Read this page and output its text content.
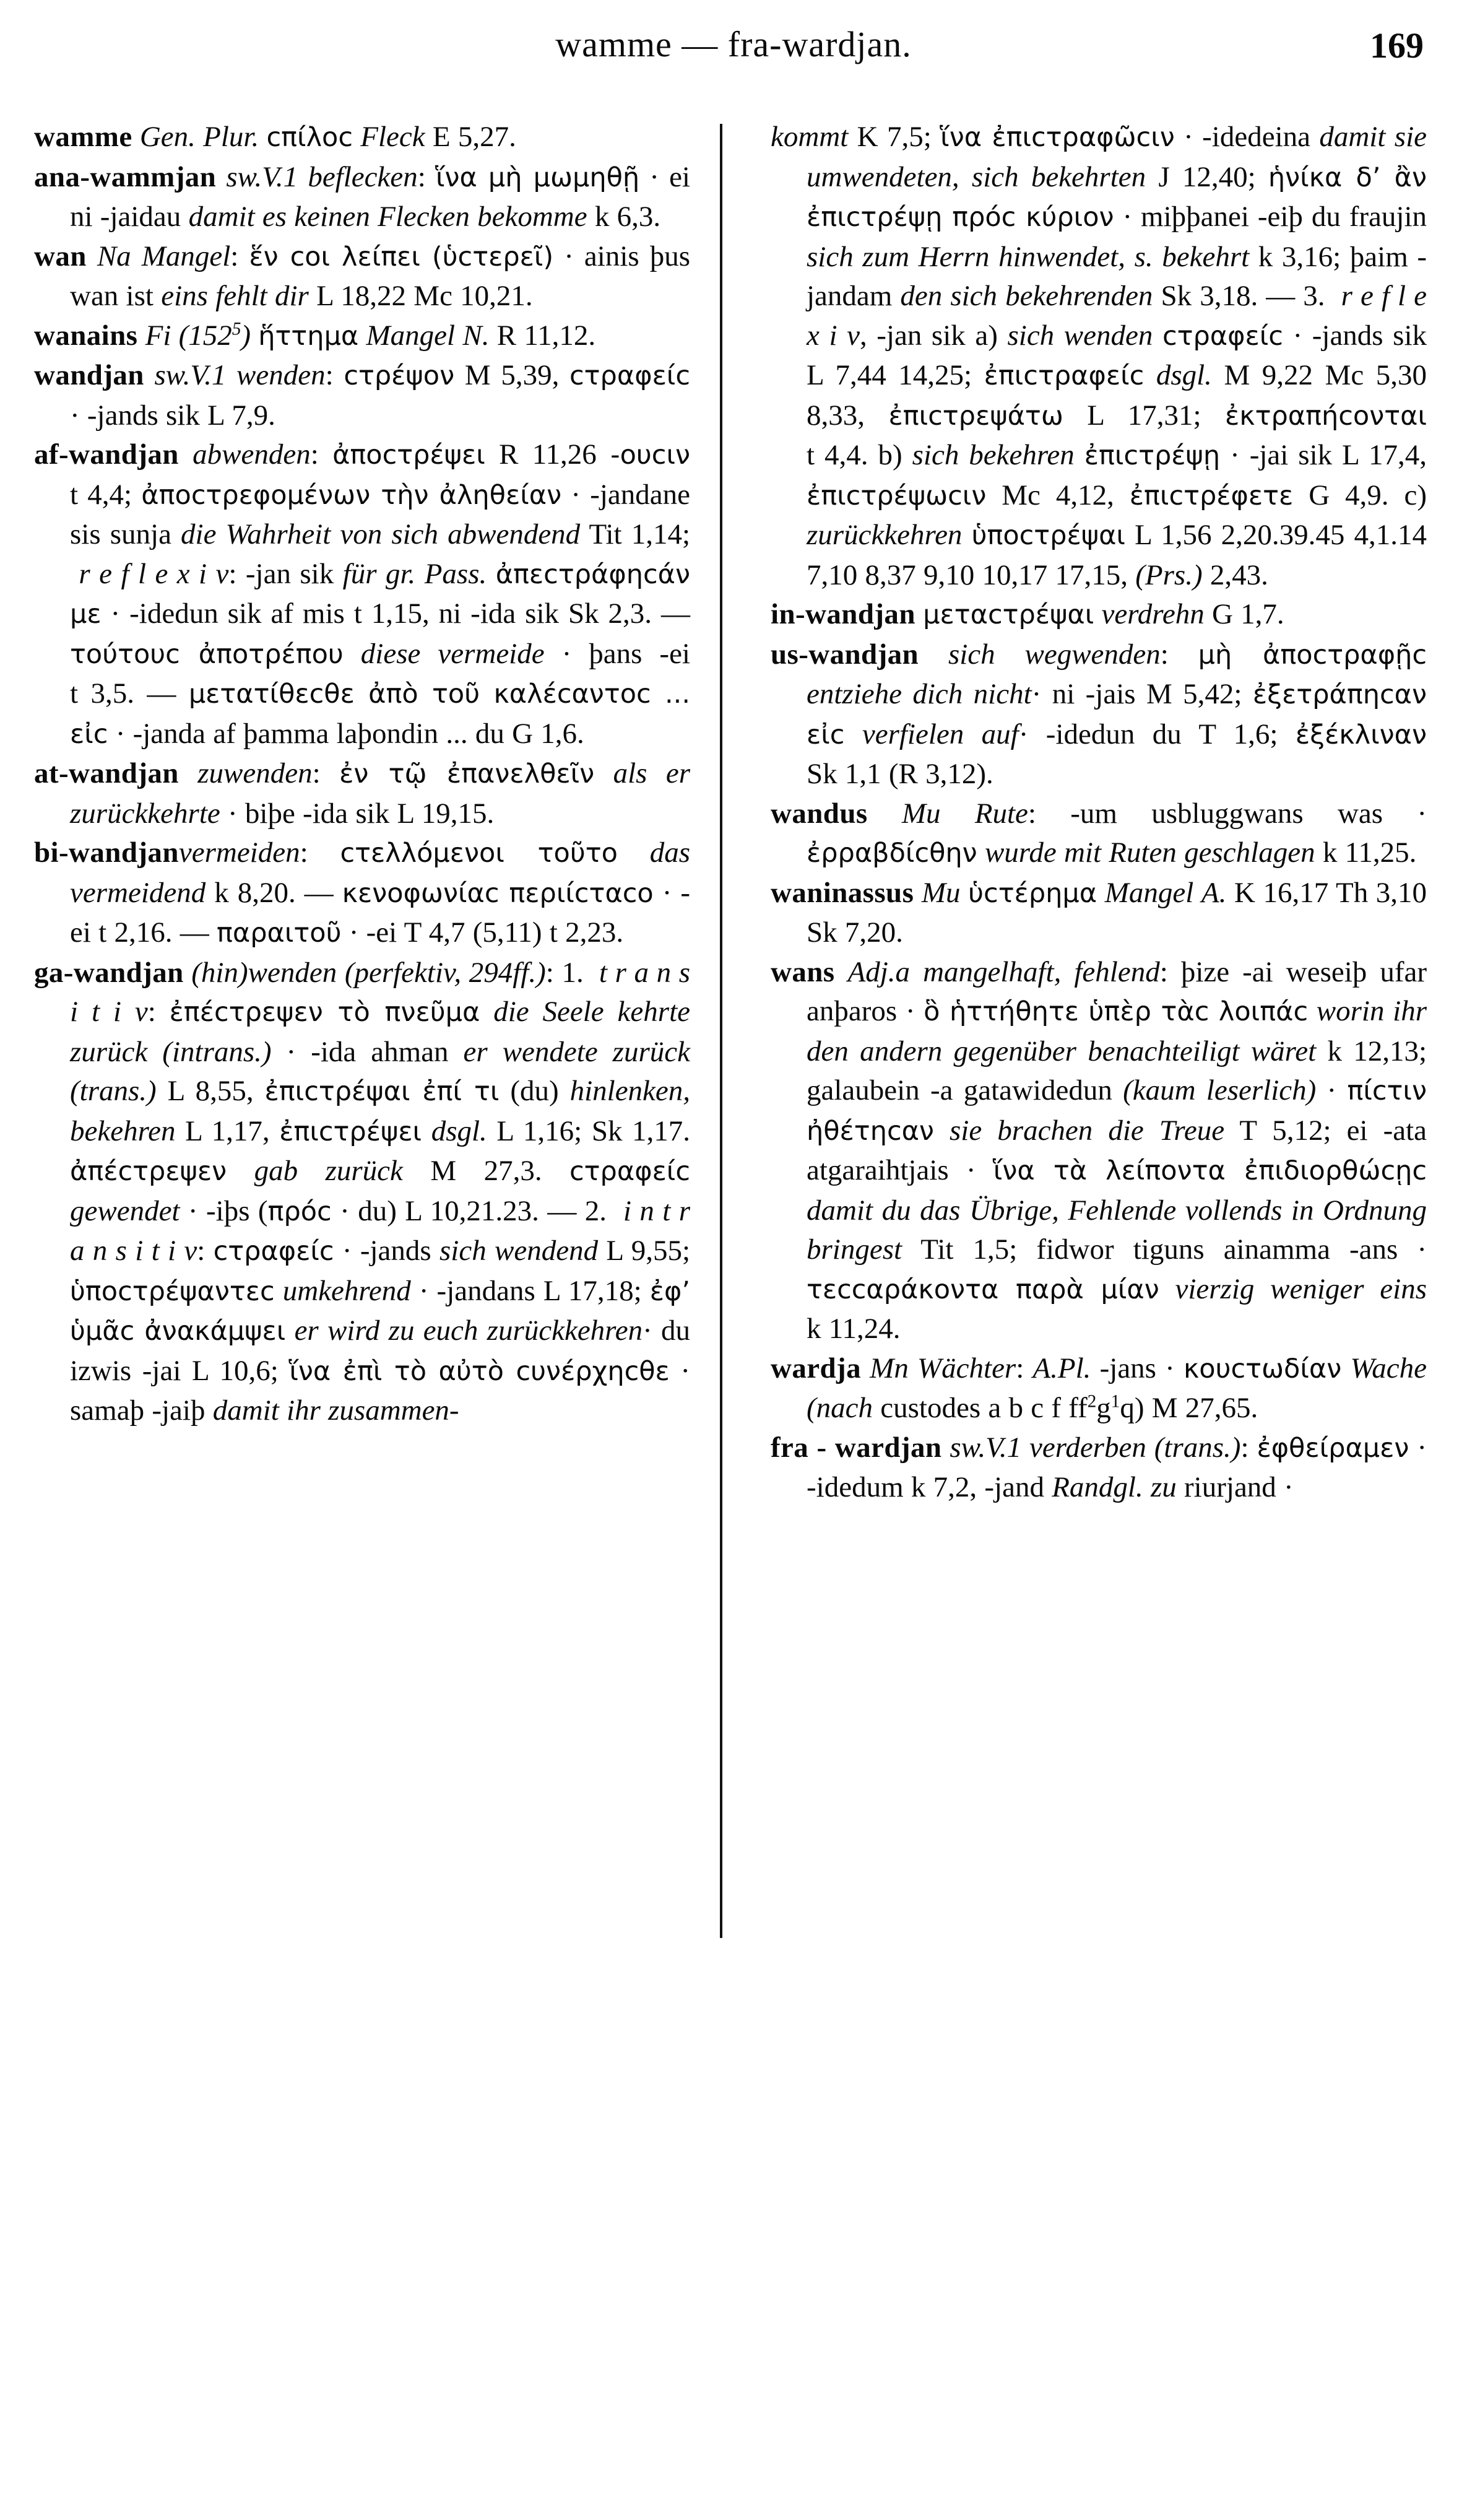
wamme — fra-wardjan.	169

wamme Gen. Plur. cπίλοc Fleck E 5,27.

ana-wammjan sw.V.1 beflecken: ἵνα μὴ μωμηθῇ · ei ni -jaidau damit es keinen Flecken bekomme k 6,3.

wan Na Mangel: ἕν coι λείπει (ὑcτερεῖ) · ainis þus wan ist eins fehlt dir L 18,22 Mc 10,21.

wanains Fi $(152^5)$ ἥττημα Mangel N. R 11,12.

wandjan sw.V.1 wenden: cτρέψον M 5,39, cτραφείc · -jands sik L 7,9.

af-wandjan abwenden: ἀποcτρέψει R 11,26 -ουcιν t 4,4; ἀποcτρεφομένων τὴν ἀληθείαν · -jandane sis sunja die Wahrheit von sich abwendend Tit 1,14;  r e f l e x i v: -jan sik für gr. Pass. ἀπεcτράφηcάν με · -idedun sik af mis t 1,15, ni -ida sik Sk 2,3. — τούτουc ἀποτρέπου diese vermeide · þans -ei t 3,5. — μετατίθεcθε ἀπὸ τοῦ καλέcαντοc ... εἰc · -janda af þamma laþondin ... du G 1,6.

at-wandjan zuwenden: ἐν τῷ ἐπανελθεῖν als er zurückkehrte · biþe -ida sik L 19,15.

bi-wandjanvermeiden: cτελλόμενοι τοῦτο das vermeidend k 8,20. — κενοφωνίαc περιίcταcο · -ei t 2,16. — παραιτοῦ · -ei T 4,7 (5,11) t 2,23.

ga-wandjan (hin)wenden (perfektiv, 294ff.): 1.  t r a n s i t i v: ἐπέcτρεψεν τὸ πνεῦμα die Seele kehrte zurück (intrans.) · -ida ahman er wendete zurück (trans.) L 8,55, ἐπιcτρέψαι ἐπί τι (du) hinlenken, bekehren L 1,17, ἐπιcτρέψει dsgl. L 1,16; Sk 1,17. ἀπέcτρεψεν gab zurück M 27,3. cτραφείc gewendet · -iþs (πρόc · du) L 10,21.23. — 2.  i n t r a n s i t i v: cτραφείc · -jands sich wendend L 9,55; ὑποcτρέψαντεc umkehrend · -jandans L 17,18; ἐφ’ ὑμᾶc ἀνακάμψει er wird zu euch zurückkehren· du izwis -jai L 10,6; ἵνα ἐπὶ τὸ αὐτὸ cυνέρχηcθε · samaþ -jaiþ damit ihr zusammen-

kommt K 7,5; ἵνα ἐπιcτραφῶcιν · -idedeina damit sie umwendeten, sich bekehrten J 12,40; ἡνίκα δ’ ἂν ἐπιcτρέψῃ πρόc κύριον · miþþanei -eiþ du fraujin sich zum Herrn hinwendet, s. bekehrt k 3,16; þaim -jandam den sich bekehrenden Sk 3,18. — 3.  r e f l e x i v, -jan sik a) sich wenden cτραφείc · -jands sik L 7,44 14,25; ἐπιcτραφείc dsgl. M 9,22 Mc 5,30 8,33, ἐπιcτρεψάτω L 17,31; ἐκτραπήcονται t 4,4. b) sich bekehren ἐπιcτρέψῃ · -jai sik L 17,4, ἐπιcτρέψωcιν Mc 4,12, ἐπιcτρέφετε G 4,9. c) zurückkehren ὑποcτρέψαι L 1,56 2,20.39.45 4,1.14 7,10 8,37 9,10 10,17 17,15, (Prs.) 2,43.

in-wandjan μεταcτρέψαι verdrehn G 1,7.

us-wandjan sich wegwenden: μὴ ἀποcτραφῇc entziehe dich nicht· ni -jais M 5,42; ἐξετράπηcαν εἰc verfielen auf· -idedun du T 1,6; ἐξέκλιναν Sk 1,1 (R 3,12).

wandus Mu Rute: -um usbluggwans was · ἐρραβδίcθην wurde mit Ruten geschlagen k 11,25.

waninassus Mu ὑcτέρημα Mangel A. K 16,17 Th 3,10 Sk 7,20.

wans Adj.a mangelhaft, fehlend: þize -ai weseiþ ufar anþaros · ὃ ἡττήθητε ὑπὲρ τὰc λοιπάc worin ihr den andern gegenüber benachteiligt wäret k 12,13; galaubein -a gatawidedun (kaum leserlich) · πίcτιν ἠθέτηcαν sie brachen die Treue T 5,12; ei -ata atgaraihtjais · ἵνα τὰ λείποντα ἐπιδιορθώcῃc damit du das Übrige, Fehlende vollends in Ordnung bringest Tit 1,5; fidwor tiguns ainamma -ans · τεccαράκοντα παρὰ μίαν vierzig weniger eins k 11,24.

wardja Mn Wächter: A.Pl. -jans · κουcτωδίαν Wache (nach custodes a b c f $ff^2g^1q$) M 27,65.

fra - wardjan sw.V.1 verderben (trans.): ἐφθείραμεν · -idedum k 7,2, -jand Randgl. zu riurjand ·
